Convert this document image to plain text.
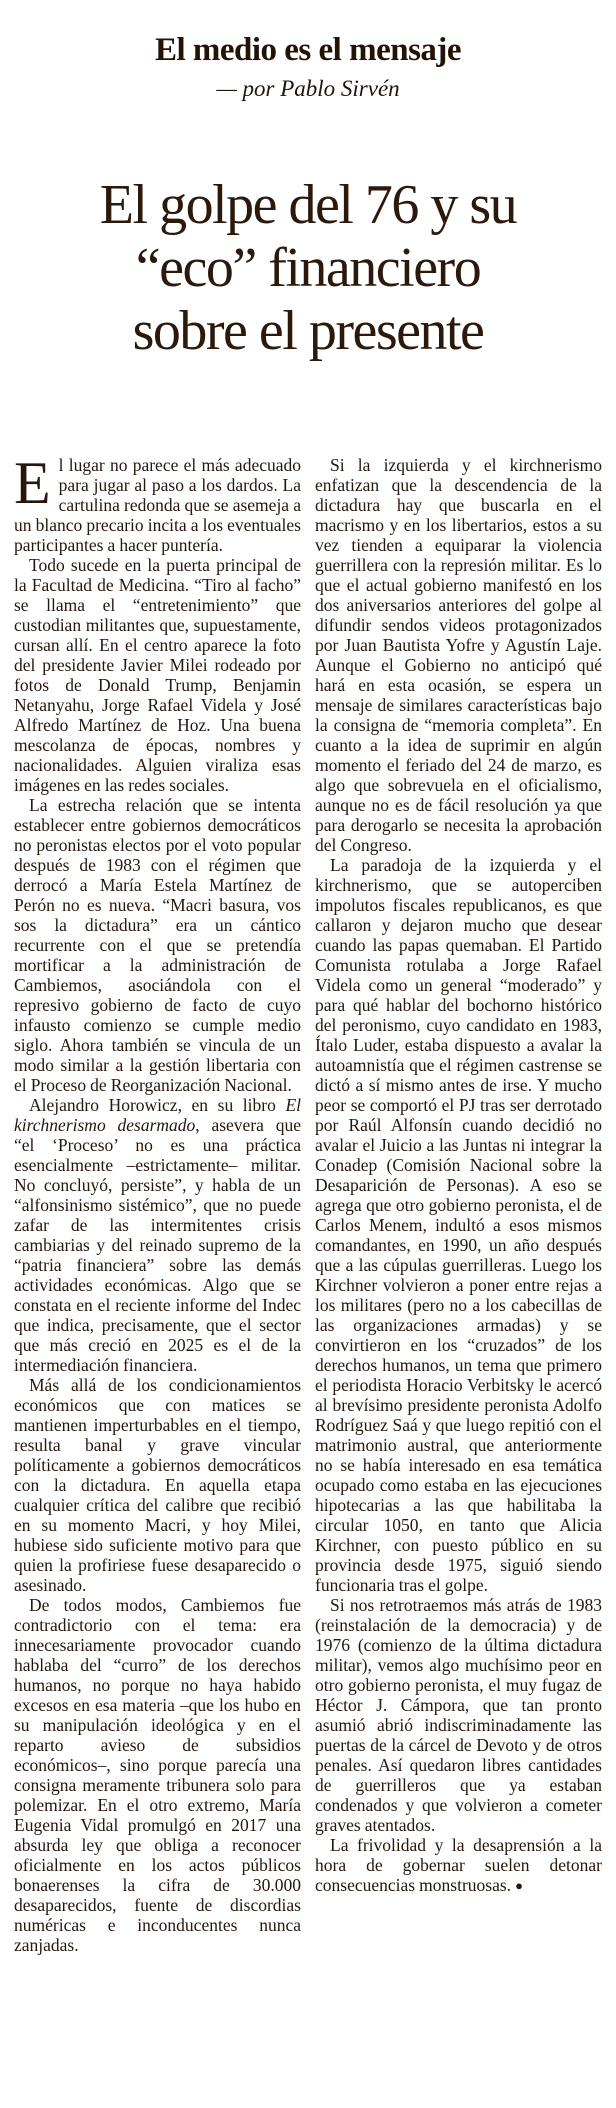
El medio es el mensaje

— por Pablo Sirvén

El golpe del 76 y su
“eco” financiero
sobre el presente

El lugar no parece el más adecuado para jugar al paso a los dardos. La cartulina redonda que se asemeja a un blanco precario incita a los eventuales participantes a hacer puntería.

Todo sucede en la puerta principal de la Facultad de Medicina. “Tiro al facho” se llama el “entretenimiento” que custodian militantes que, supuestamente, cursan allí. En el centro aparece la foto del presidente Javier Milei rodeado por fotos de Donald Trump, Benjamin Netanyahu, Jorge Rafael Videla y José Alfredo Martínez de Hoz. Una buena mescolanza de épocas, nombres y nacionalidades. Alguien viraliza esas imágenes en las redes sociales.

La estrecha relación que se intenta establecer entre gobiernos democráticos no peronistas electos por el voto popular después de 1983 con el régimen que derrocó a María Estela Martínez de Perón no es nueva. “Macri basura, vos sos la dictadura” era un cántico recurrente con el que se pretendía mortificar a la administración de Cambiemos, asociándola con el represivo gobierno de facto de cuyo infausto comienzo se cumple medio siglo. Ahora también se vincula de un modo similar a la gestión libertaria con el Proceso de Reorganización Nacional.

Alejandro Horowicz, en su libro El kirchnerismo desarmado, asevera que “el ‘Proceso’ no es una práctica esencialmente –estrictamente– militar. No concluyó, persiste”, y habla de un “alfonsinismo sistémico”, que no puede zafar de las intermitentes crisis cambiarias y del reinado supremo de la “patria financiera” sobre las demás actividades económicas. Algo que se constata en el reciente informe del Indec que indica, precisamente, que el sector que más creció en 2025 es el de la intermediación financiera.

Más allá de los condicionamientos económicos que con matices se mantienen imperturbables en el tiempo, resulta banal y grave vincular políticamente a gobiernos democráticos con la dictadura. En aquella etapa cualquier crítica del calibre que recibió en su momento Macri, y hoy Milei, hubiese sido suficiente motivo para que quien la profiriese fuese desaparecido o asesinado.

De todos modos, Cambiemos fue contradictorio con el tema: era innecesariamente provocador cuando hablaba del “curro” de los derechos humanos, no porque no haya habido excesos en esa materia –que los hubo en su manipulación ideológica y en el reparto avieso de subsidios económicos–, sino porque parecía una consigna meramente tribunera solo para polemizar. En el otro extremo, María Eugenia Vidal promulgó en 2017 una absurda ley que obliga a reconocer oficialmente en los actos públicos bonaerenses la cifra de 30.000 desaparecidos, fuente de discordias numéricas e inconducentes nunca zanjadas.

Si la izquierda y el kirchnerismo enfatizan que la descendencia de la dictadura hay que buscarla en el macrismo y en los libertarios, estos a su vez tienden a equiparar la violencia guerrillera con la represión militar. Es lo que el actual gobierno manifestó en los dos aniversarios anteriores del golpe al difundir sendos videos protagonizados por Juan Bautista Yofre y Agustín Laje. Aunque el Gobierno no anticipó qué hará en esta ocasión, se espera un mensaje de similares características bajo la consigna de “memoria completa”. En cuanto a la idea de suprimir en algún momento el feriado del 24 de marzo, es algo que sobrevuela en el oficialismo, aunque no es de fácil resolución ya que para derogarlo se necesita la aprobación del Congreso.

La paradoja de la izquierda y el kirchnerismo, que se autoperciben impolutos fiscales republicanos, es que callaron y dejaron mucho que desear cuando las papas quemaban. El Partido Comunista rotulaba a Jorge Rafael Videla como un general “moderado” y para qué hablar del bochorno histórico del peronismo, cuyo candidato en 1983, Ítalo Luder, estaba dispuesto a avalar la autoamnistía que el régimen castrense se dictó a sí mismo antes de irse. Y mucho peor se comportó el PJ tras ser derrotado por Raúl Alfonsín cuando decidió no avalar el Juicio a las Juntas ni integrar la Conadep (Comisión Nacional sobre la Desaparición de Personas). A eso se agrega que otro gobierno peronista, el de Carlos Menem, indultó a esos mismos comandantes, en 1990, un año después que a las cúpulas guerrilleras. Luego los Kirchner volvieron a poner entre rejas a los militares (pero no a los cabecillas de las organizaciones armadas) y se convirtieron en los “cruzados” de los derechos humanos, un tema que primero el periodista Horacio Verbitsky le acercó al brevísimo presidente peronista Adolfo Rodríguez Saá y que luego repitió con el matrimonio austral, que anteriormente no se había interesado en esa temática ocupado como estaba en las ejecuciones hipotecarias a las que habilitaba la circular 1050, en tanto que Alicia Kirchner, con puesto público en su provincia desde 1975, siguió siendo funcionaria tras el golpe.

Si nos retrotraemos más atrás de 1983 (reinstalación de la democracia) y de 1976 (comienzo de la última dictadura militar), vemos algo muchísimo peor en otro gobierno peronista, el muy fugaz de Héctor J. Cámpora, que tan pronto asumió abrió indiscriminadamente las puertas de la cárcel de Devoto y de otros penales. Así quedaron libres cantidades de guerrilleros que ya estaban condenados y que volvieron a cometer graves atentados.

La frivolidad y la desaprensión a la hora de gobernar suelen detonar consecuencias monstruosas. ●
